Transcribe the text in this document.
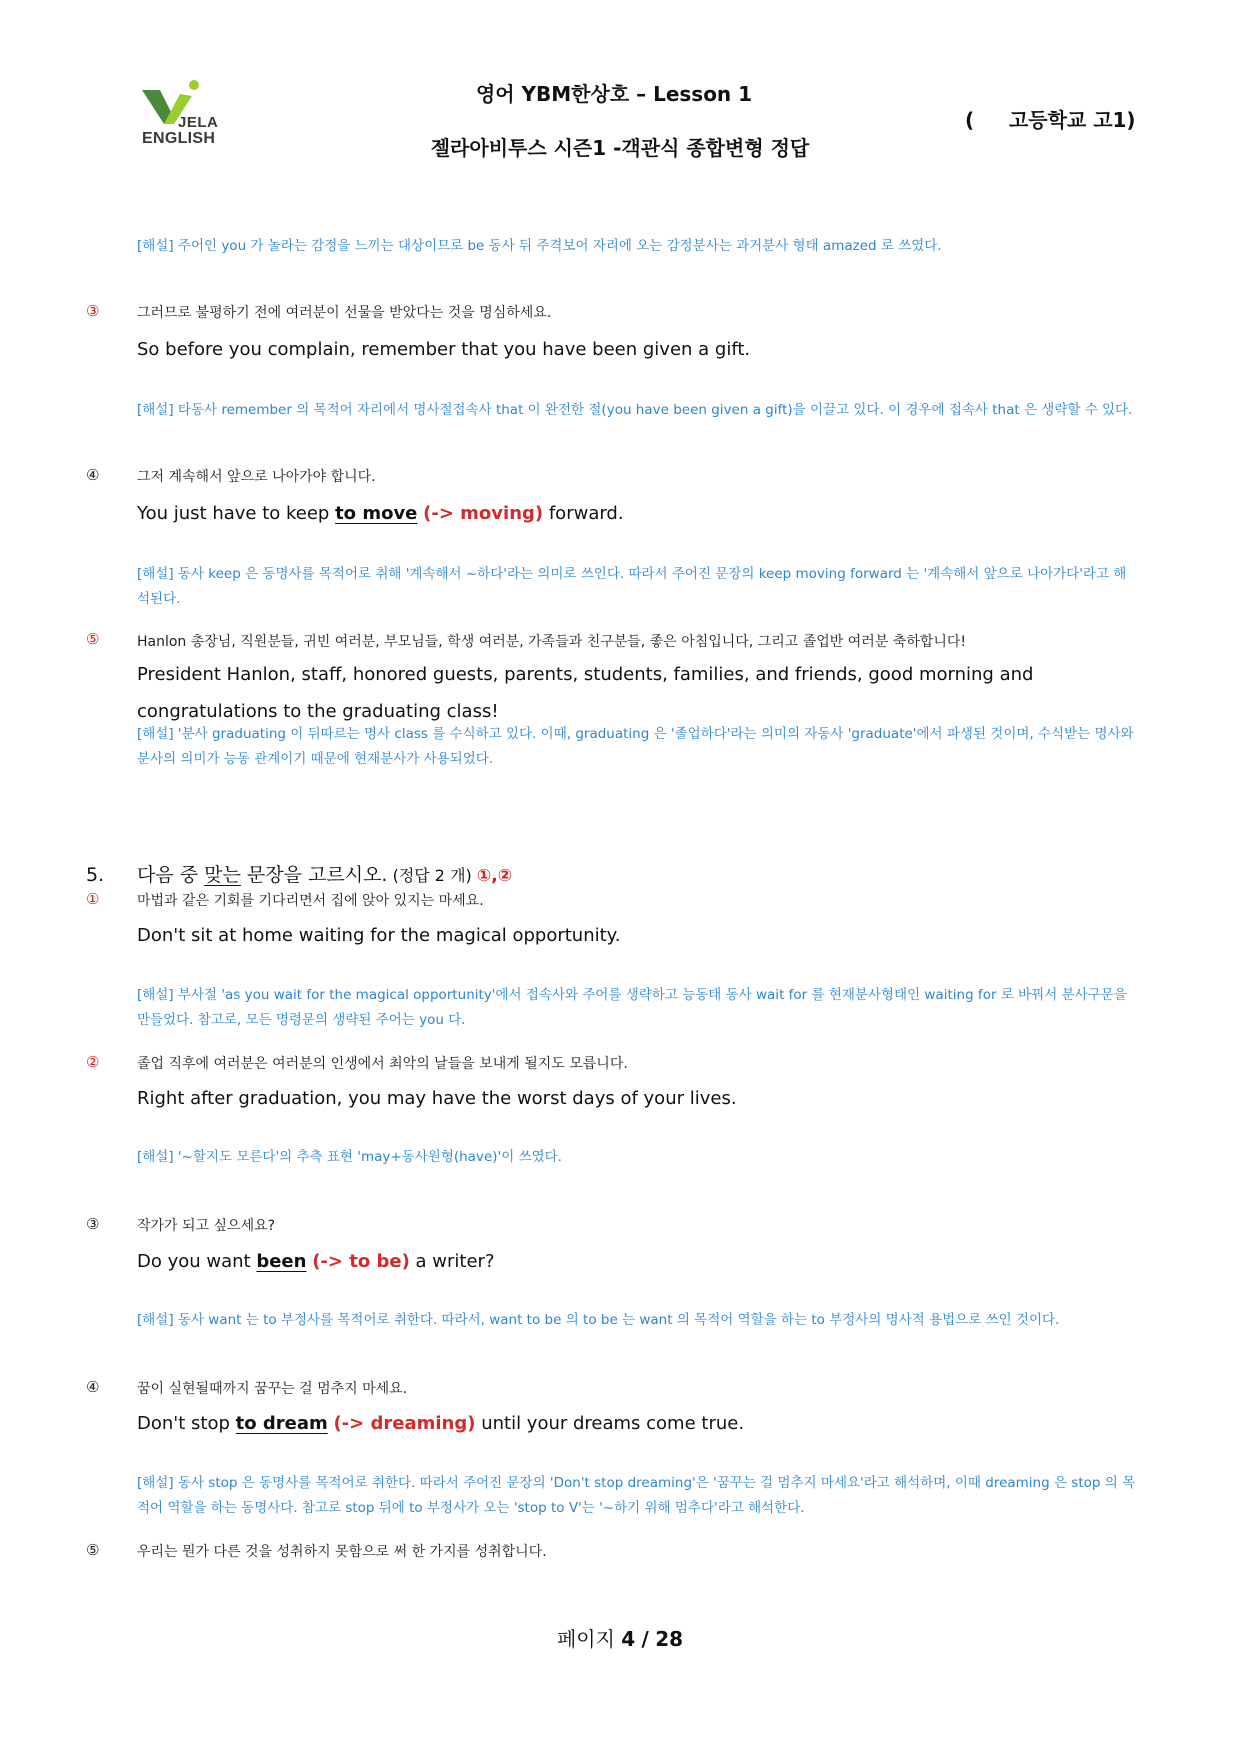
JELA
ENGLISH
영어 YBM한상호 – Lesson 1
젤라아비투스 시즌1 -객관식 종합변형 정답
(     고등학교 고1)
[해설] 주어인 you 가 놀라는 감정을 느끼는 대상이므로 be 동사 뒤 주격보어 자리에 오는 감정분사는 과거분사 형태 amazed 로 쓰였다.
③	그러므로 불평하기 전에 여러분이 선물을 받았다는 것을 명심하세요.
So before you complain, remember that you have been given a gift.
[해설] 타동사 remember 의 목적어 자리에서 명사절접속사 that 이 완전한 절(you have been given a gift)을 이끌고 있다. 이 경우에 접속사 that 은 생략할 수 있다.
④	그저 계속해서 앞으로 나아가야 합니다.
You just have to keep to move (-> moving) forward.
[해설] 동사 keep 은 동명사를 목적어로 취해 '계속해서 ~하다'라는 의미로 쓰인다. 따라서 주어진 문장의 keep moving forward 는 '계속해서 앞으로 나아가다'라고 해석된다.
⑤	Hanlon 총장님, 직원분들, 귀빈 여러분, 부모님들, 학생 여러분, 가족들과 친구분들, 좋은 아침입니다, 그리고 졸업반 여러분 축하합니다!
President Hanlon, staff, honored guests, parents, students, families, and friends, good morning and congratulations to the graduating class!
[해설] '분사 graduating 이 뒤따르는 명사 class 를 수식하고 있다. 이때, graduating 은 '졸업하다'라는 의미의 자동사 'graduate'에서 파생된 것이며, 수식받는 명사와 분사의 의미가 능동 관계이기 때문에 현재분사가 사용되었다.
5. 다음 중 맞는 문장을 고르시오. (정답 2 개) ①,②
①	마법과 같은 기회를 기다리면서 집에 앉아 있지는 마세요.
Don't sit at home waiting for the magical opportunity.
[해설] 부사절 'as you wait for the magical opportunity'에서 접속사와 주어를 생략하고 능동태 동사 wait for 를 현재분사형태인 waiting for 로 바꿔서 분사구문을 만들었다. 참고로, 모든 명령문의 생략된 주어는 you 다.
②	졸업 직후에 여러분은 여러분의 인생에서 최악의 날들을 보내게 될지도 모릅니다.
Right after graduation, you may have the worst days of your lives.
[해설] '~할지도 모른다'의 추측 표현 'may+동사원형(have)'이 쓰였다.
③	작가가 되고 싶으세요?
Do you want been (-> to be) a writer?
[해설] 동사 want 는 to 부정사를 목적어로 취한다. 따라서, want to be 의 to be 는 want 의 목적어 역할을 하는 to 부정사의 명사적 용법으로 쓰인 것이다.
④	꿈이 실현될때까지 꿈꾸는 걸 멈추지 마세요.
Don't stop to dream (-> dreaming) until your dreams come true.
[해설] 동사 stop 은 동명사를 목적어로 취한다. 따라서 주어진 문장의 'Don't stop dreaming'은 '꿈꾸는 걸 멈추지 마세요'라고 해석하며, 이때 dreaming 은 stop 의 목적어 역할을 하는 동명사다. 참고로 stop 뒤에 to 부정사가 오는 'stop to V'는 '~하기 위해 멈추다'라고 해석한다.
⑤	우리는 뭔가 다른 것을 성취하지 못함으로 써 한 가지를 성취합니다.
페이지 4 / 28
